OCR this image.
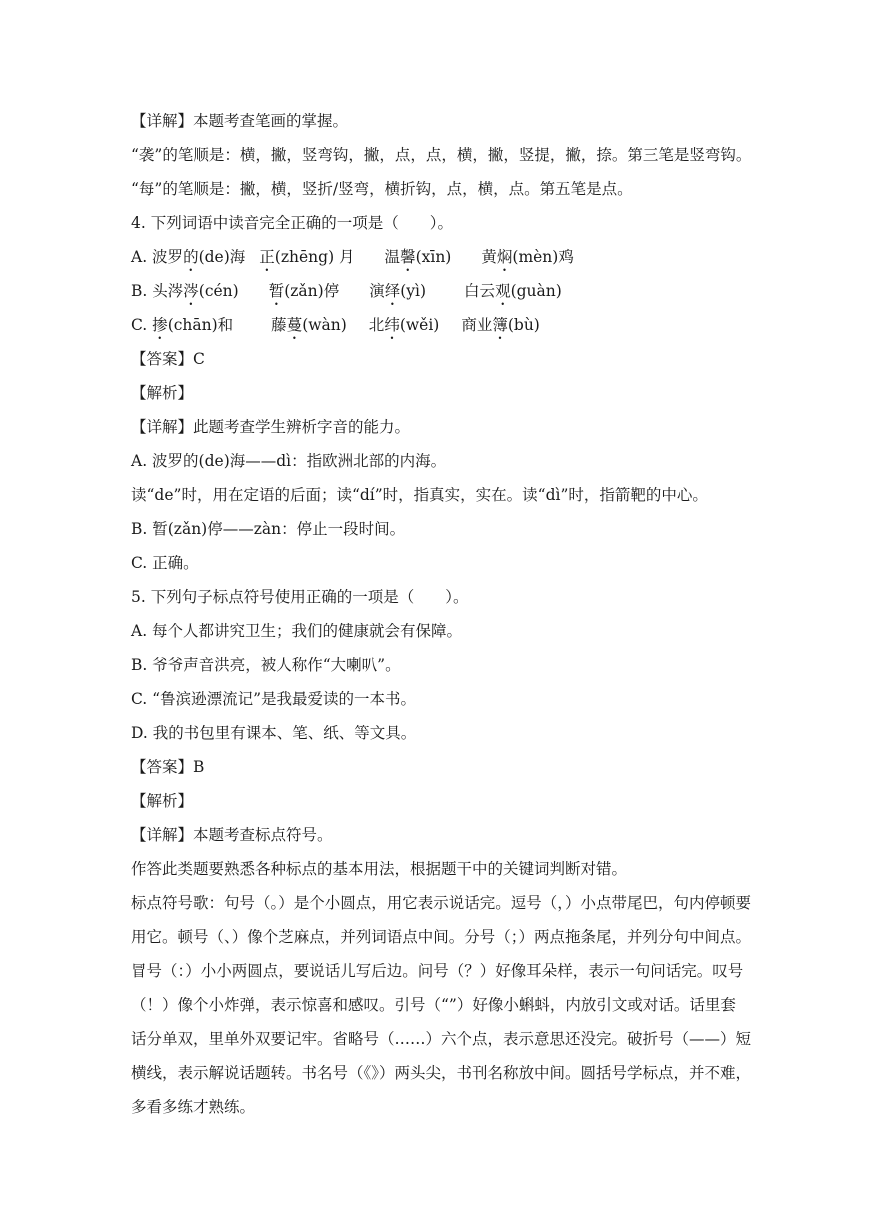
【详解】本题考查笔画的掌握。
“袭”的笔顺是：横，撇，竖弯钩，撇，点，点，横，撇，竖提，撇，捺。第三笔是竖弯钩。
“每”的笔顺是：撇，横，竖折/竖弯，横折钩，点，横，点。第五笔是点。
4. 下列词语中读音完全正确的一项是（　　）。
A. 波罗的(de)海 正(zhēng) 月 温馨(xīn) 黄焖(mèn)鸡
B. 头涔涔(cén) 暂(zǎn)停 演绎(yì) 白云观(guàn)
C. 掺(chān)和 藤蔓(wàn) 北纬(wěi) 商业簿(bù)
【答案】C
【解析】
【详解】此题考查学生辨析字音的能力。
A. 波罗的(de)海——dì：指欧洲北部的内海。
读“de”时，用在定语的后面；读“dí”时，指真实，实在。读“dì”时，指箭靶的中心。
B. 暂(zǎn)停——zàn：停止一段时间。
C. 正确。
5. 下列句子标点符号使用正确的一项是（　　）。
A. 每个人都讲究卫生；我们的健康就会有保障。
B. 爷爷声音洪亮，被人称作“大喇叭”。
C. “鲁滨逊漂流记”是我最爱读的一本书。
D. 我的书包里有课本、笔、纸、等文具。
【答案】B
【解析】
【详解】本题考查标点符号。
作答此类题要熟悉各种标点的基本用法，根据题干中的关键词判断对错。
标点符号歌：句号（。）是个小圆点，用它表示说话完。逗号（，）小点带尾巴，句内停顿要
用它。顿号（、）像个芝麻点，并列词语点中间。分号（；）两点拖条尾，并列分句中间点。
冒号（：）小小两圆点，要说话儿写后边。问号（？）好像耳朵样，表示一句问话完。叹号
（！）像个小炸弹，表示惊喜和感叹。引号（“”）好像小蝌蚪，内放引文或对话。话里套
话分单双，里单外双要记牢。省略号（……）六个点，表示意思还没完。破折号（——）短
横线，表示解说话题转。书名号（《》）两头尖，书刊名称放中间。圆括号学标点，并不难，
多看多练才熟练。
